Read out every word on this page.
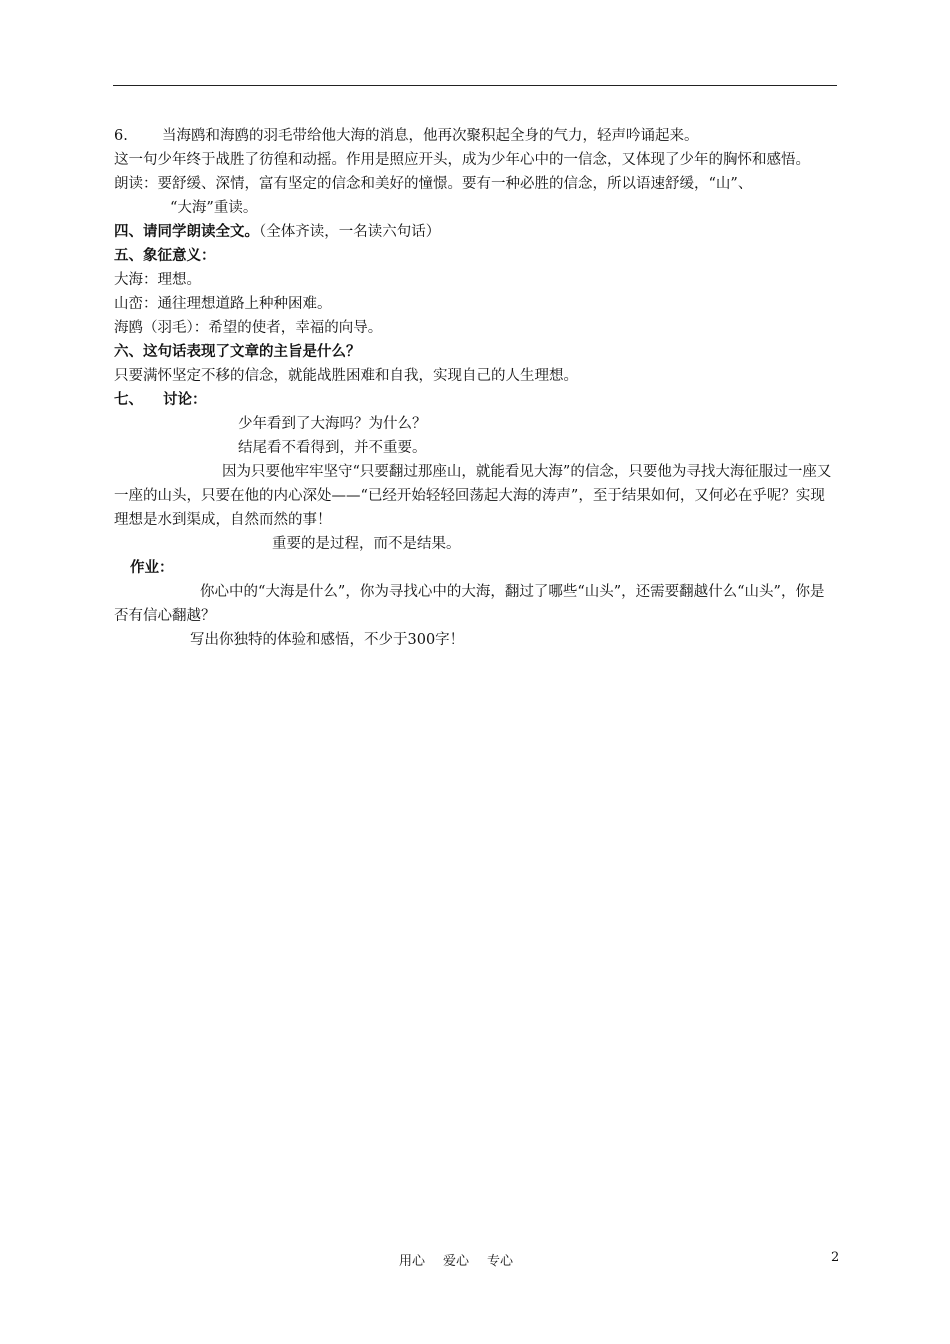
6. 当海鸥和海鸥的羽毛带给他大海的消息，他再次聚积起全身的气力，轻声吟诵起来。

这一句少年终于战胜了彷徨和动摇。作用是照应开头，成为少年心中的一信念，又体现了少年的胸怀和感悟。

朗读：要舒缓、深情，富有坚定的信念和美好的憧憬。要有一种必胜的信念，所以语速舒缓，“山”、

“大海”重读。

四、请同学朗读全文。（全体齐读，一名读六句话）

五、象征意义：

大海：理想。

山峦：通往理想道路上种种困难。

海鸥（羽毛）：希望的使者，幸福的向导。

六、这句话表现了文章的主旨是什么？

只要满怀坚定不移的信念，就能战胜困难和自我，实现自己的人生理想。

七、 讨论：

少年看到了大海吗？为什么？

结尾看不看得到，并不重要。

因为只要他牢牢坚守“只要翻过那座山，就能看见大海”的信念，只要他为寻找大海征服过一座又一座的山头，只要在他的内心深处——“已经开始轻轻回荡起大海的涛声”，至于结果如何，又何必在乎呢？实现理想是水到渠成，自然而然的事！

重要的是过程，而不是结果。

作业：

你心中的“大海是什么”，你为寻找心中的大海，翻过了哪些“山头”，还需要翻越什么“山头”，你是否有信心翻越？

写出你独特的体验和感悟，不少于300字！

用心 爱心 专心	2
